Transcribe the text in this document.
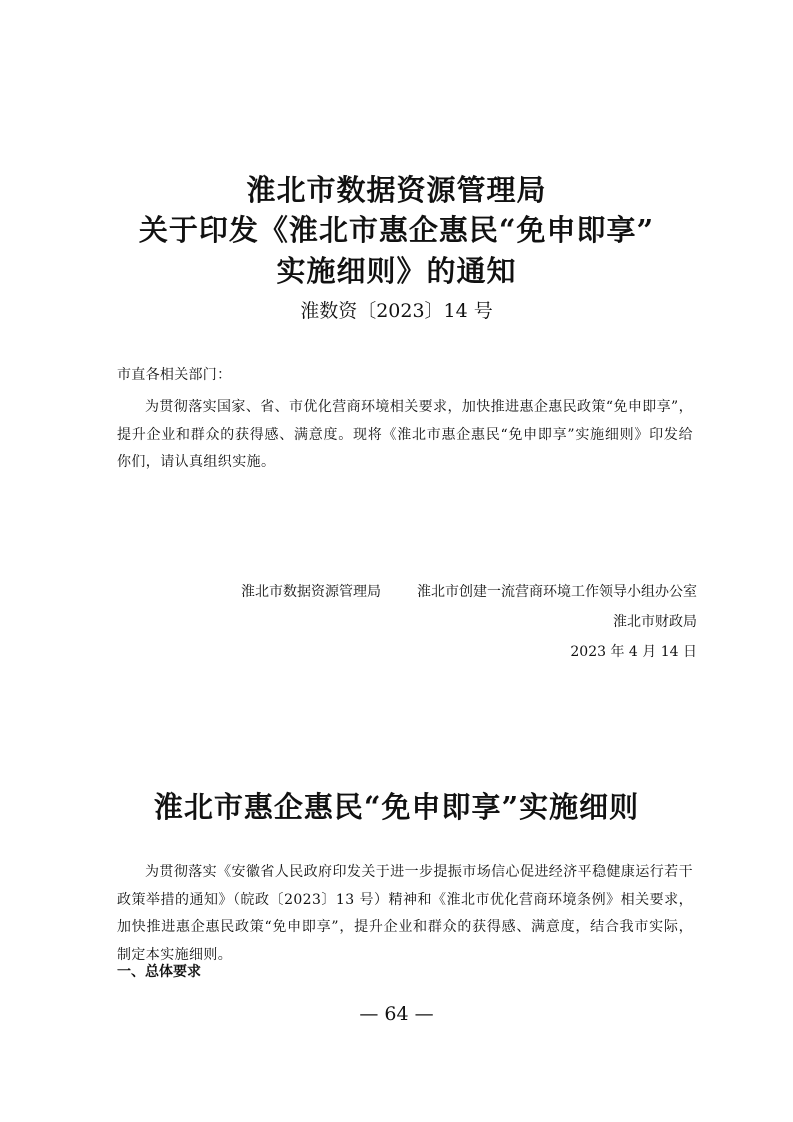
淮北市数据资源管理局
关于印发《淮北市惠企惠民“免申即享”
实施细则》的通知

淮数资〔2023〕14 号

市直各相关部门：

为贯彻落实国家、省、市优化营商环境相关要求，加快推进惠企惠民政策“免申即享”，提升企业和群众的获得感、满意度。现将《淮北市惠企惠民“免申即享”实施细则》印发给你们，请认真组织实施。

淮北市数据资源管理局	淮北市创建一流营商环境工作领导小组办公室
淮北市财政局
2023 年 4 月 14 日
淮北市惠企惠民“免申即享”实施细则

为贯彻落实《安徽省人民政府印发关于进一步提振市场信心促进经济平稳健康运行若干政策举措的通知》（皖政〔2023〕13 号）精神和《淮北市优化营商环境条例》相关要求，加快推进惠企惠民政策“免申即享”，提升企业和群众的获得感、满意度，结合我市实际，制定本实施细则。

一、总体要求

— 64 —
